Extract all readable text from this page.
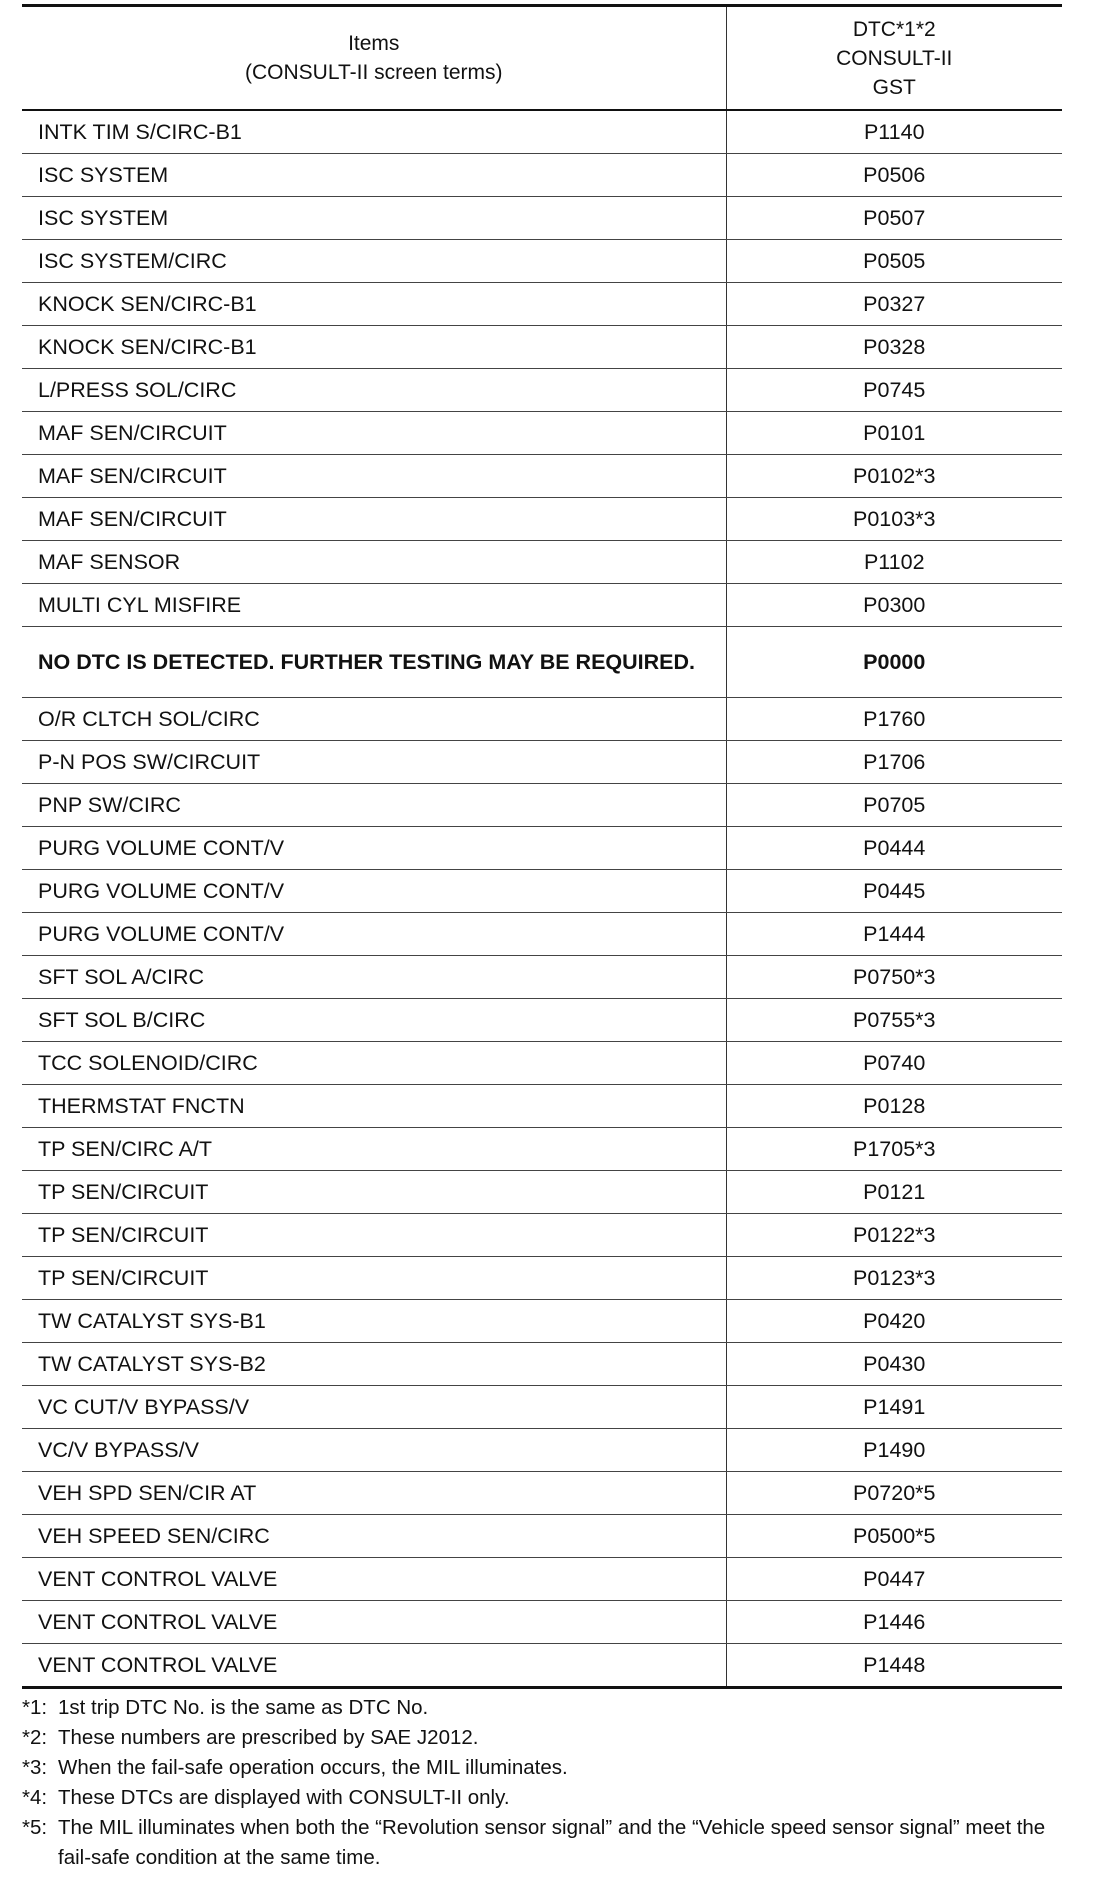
Items
(CONSULT-II screen terms)	DTC*1*2
CONSULT-II
GST

INTK TIM S/CIRC-B1	P1140
ISC SYSTEM	P0506
ISC SYSTEM	P0507
ISC SYSTEM/CIRC	P0505
KNOCK SEN/CIRC-B1	P0327
KNOCK SEN/CIRC-B1	P0328
L/PRESS SOL/CIRC	P0745
MAF SEN/CIRCUIT	P0101
MAF SEN/CIRCUIT	P0102*3
MAF SEN/CIRCUIT	P0103*3
MAF SENSOR	P1102
MULTI CYL MISFIRE	P0300
NO DTC IS DETECTED. FURTHER TESTING MAY BE REQUIRED.	P0000
O/R CLTCH SOL/CIRC	P1760
P-N POS SW/CIRCUIT	P1706
PNP SW/CIRC	P0705
PURG VOLUME CONT/V	P0444
PURG VOLUME CONT/V	P0445
PURG VOLUME CONT/V	P1444
SFT SOL A/CIRC	P0750*3
SFT SOL B/CIRC	P0755*3
TCC SOLENOID/CIRC	P0740
THERMSTAT FNCTN	P0128
TP SEN/CIRC A/T	P1705*3
TP SEN/CIRCUIT	P0121
TP SEN/CIRCUIT	P0122*3
TP SEN/CIRCUIT	P0123*3
TW CATALYST SYS-B1	P0420
TW CATALYST SYS-B2	P0430
VC CUT/V BYPASS/V	P1491
VC/V BYPASS/V	P1490
VEH SPD SEN/CIR AT	P0720*5
VEH SPEED SEN/CIRC	P0500*5
VENT CONTROL VALVE	P0447
VENT CONTROL VALVE	P1446
VENT CONTROL VALVE	P1448
*1: 1st trip DTC No. is the same as DTC No.
*2: These numbers are prescribed by SAE J2012.
*3: When the fail-safe operation occurs, the MIL illuminates.
*4: These DTCs are displayed with CONSULT-II only.
*5: The MIL illuminates when both the “Revolution sensor signal” and the “Vehicle speed sensor signal” meet the fail-safe condition at the same time.
